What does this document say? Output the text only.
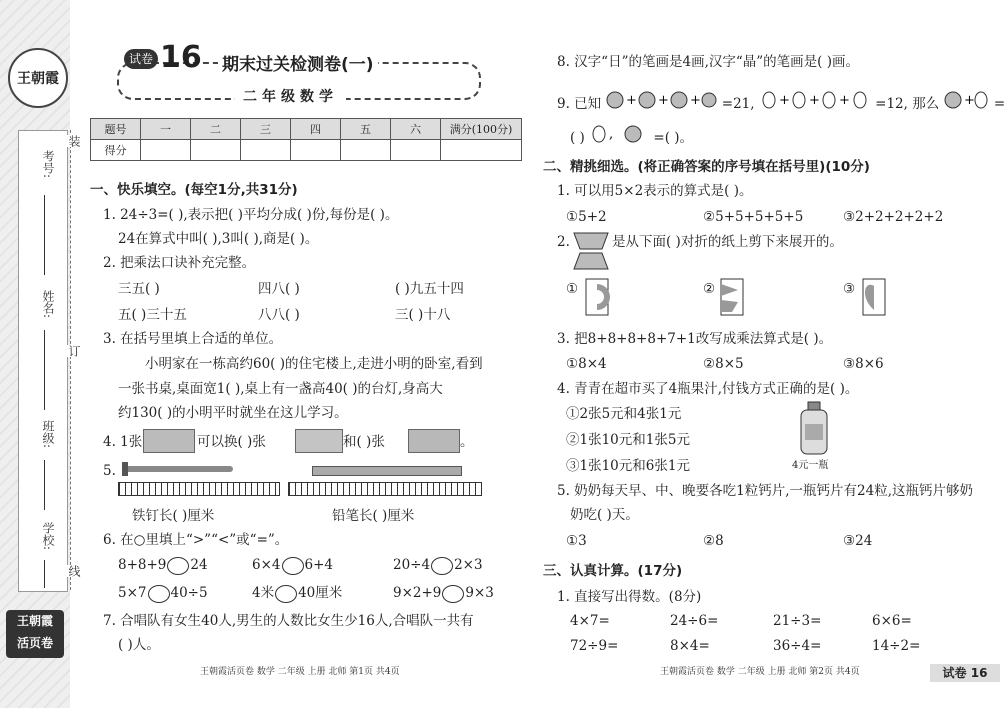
王朝霞
装
订
线
考号:
姓名:
班级:
学校:
王朝霞
活页卷
试卷 16 期末过关检测卷(一)
二年级数学
题号	一	二	三	四	五	六	满分(100分)
得分							
一、快乐填空。(每空1分,共31分)
1. 24÷3=( ),表示把( )平均分成( )份,每份是( )。
24在算式中叫( ),3叫( ),商是( )。
2. 把乘法口诀补充完整。
三五( )	四八( )	( )九五十四
五( )三十五	八八( )	三( )十八
3. 在括号里填上合适的单位。
小明家在一栋高约60( )的住宅楼上,走进小明的卧室,看到
一张书桌,桌面宽1( ),桌上有一盏高40( )的台灯,身高大
约130( )的小明平时就坐在这儿学习。
4. 1张	可以换( )张	和( )张	。
5.
铁钉长( )厘米	铅笔长( )厘米
6. 在○里填上“>”“<”或“=”。
8+8+9 24	6×4 6+4	20÷4 2×3
5×7 40÷5	4米 40厘米	9×2+9 9×3
7. 合唱队有女生40人,男生的人数比女生少16人,合唱队一共有
( )人。
王朝霞活页卷 数学 二年级 上册 北师 第1页 共4页
8. 汉字“日”的笔画是4画,汉字“晶”的笔画是( )画。
9. 已知 + + + =21, + + + =12, 那么 + =
( ) ,	=( )。
二、精挑细选。(将正确答案的序号填在括号里)(10分)
1. 可以用5×2表示的算式是( )。
①5+2	②5+5+5+5+5	③2+2+2+2+2
2.	是从下面( )对折的纸上剪下来展开的。
①	②	③
3. 把8+8+8+8+7+1改写成乘法算式是( )。
①8×4	②8×5	③8×6
4. 青青在超市买了4瓶果汁,付钱方式正确的是( )。
①2张5元和4张1元
②1张10元和1张5元
③1张10元和6张1元	4元一瓶
5. 奶奶每天早、中、晚要各吃1粒钙片,一瓶钙片有24粒,这瓶钙片够奶
奶吃( )天。
①3	②8	③24
三、认真计算。(17分)
1. 直接写出得数。(8分)
4×7=	24÷6=	21÷3=	6×6=
72÷9=	8×4=	36÷4=	14÷2=
王朝霞活页卷 数学 二年级 上册 北师 第2页 共4页	试卷 16
